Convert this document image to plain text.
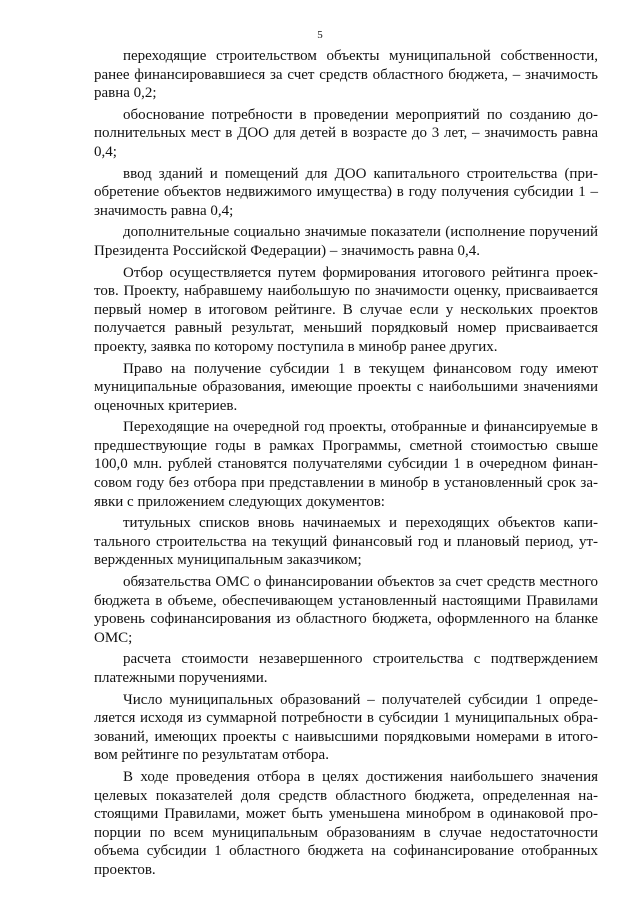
5

переходящие строительством объекты муниципальной собственности, ранее финансировавшиеся за счет средств областного бюджета, – значимость равна 0,2;

обоснование потребности в проведении мероприятий по созданию дополнительных мест в ДОО для детей в возрасте до 3 лет, – значимость равна 0,4;

ввод зданий и помещений для ДОО капитального строительства (приобретение объектов недвижимого имущества) в году получения субсидии 1 – значимость равна 0,4;

дополнительные социально значимые показатели (исполнение поручений Президента Российской Федерации) – значимость равна 0,4.

Отбор осуществляется путем формирования итогового рейтинга проектов. Проекту, набравшему наибольшую по значимости оценку, присваивается первый номер в итоговом рейтинге. В случае если у нескольких проектов получается равный результат, меньший порядковый номер присваивается проекту, заявка по которому поступила в минобр ранее других.

Право на получение субсидии 1 в текущем финансовом году имеют муниципальные образования, имеющие проекты с наибольшими значениями оценочных критериев.

Переходящие на очередной год проекты, отобранные и финансируемые в предшествующие годы в рамках Программы, сметной стоимостью свыше 100,0 млн. рублей становятся получателями субсидии 1 в очередном финансовом году без отбора при представлении в минобр в установленный срок заявки с приложением следующих документов:

титульных списков вновь начинаемых и переходящих объектов капитального строительства на текущий финансовый год и плановый период, утвержденных муниципальным заказчиком;

обязательства ОМС о финансировании объектов за счет средств местного бюджета в объеме, обеспечивающем установленный настоящими Правилами уровень софинансирования из областного бюджета, оформленного на бланке ОМС;

расчета стоимости незавершенного строительства с подтверждением платежными поручениями.

Число муниципальных образований – получателей субсидии 1 определяется исходя из суммарной потребности в субсидии 1 муниципальных образований, имеющих проекты с наивысшими порядковыми номерами в итоговом рейтинге по результатам отбора.

В ходе проведения отбора в целях достижения наибольшего значения целевых показателей доля средств областного бюджета, определенная настоящими Правилами, может быть уменьшена минобром в одинаковой пропорции по всем муниципальным образованиям в случае недостаточности объема субсидии 1 областного бюджета на софинансирование отобранных проектов.
